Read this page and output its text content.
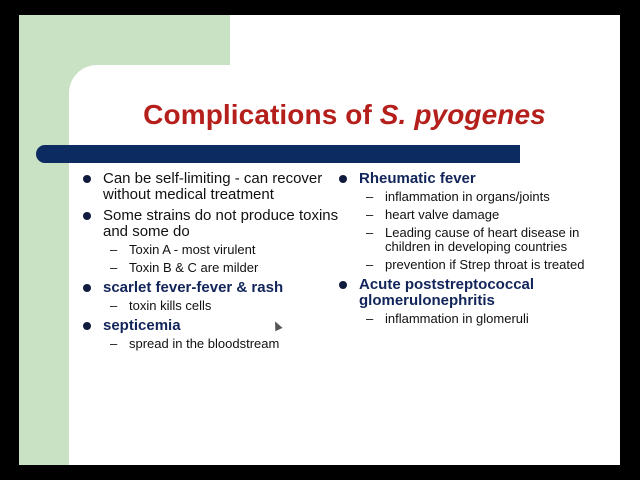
Complications of S. pyogenes
Can be self-limiting - can recover without medical treatment
Some strains do not produce toxins and some do
– Toxin A - most virulent
– Toxin B & C are milder
scarlet fever-fever & rash
– toxin kills cells
septicemia
– spread in the bloodstream
Rheumatic fever
– inflammation in organs/joints
– heart valve damage
– Leading cause of heart disease in children in developing countries
– prevention if Strep throat is treated
Acute poststreptococcal glomerulonephritis
– inflammation in glomeruli
